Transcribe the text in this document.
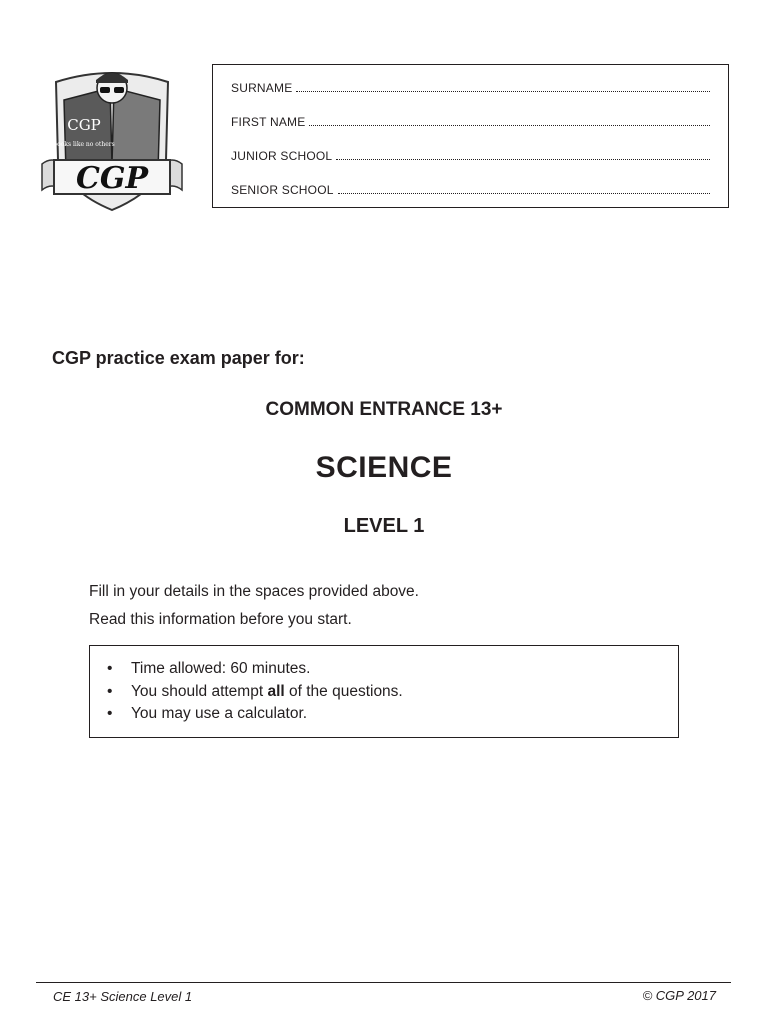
CGP
books like no others
CGP
SURNAME
FIRST NAME
JUNIOR SCHOOL
SENIOR SCHOOL
CGP practice exam paper for:
COMMON ENTRANCE 13+
SCIENCE
LEVEL 1
Fill in your details in the spaces provided above.
Read this information before you start.
•	Time allowed: 60 minutes.
•	You should attempt all of the questions.
•	You may use a calculator.
CE 13+ Science Level 1	© CGP 2017
